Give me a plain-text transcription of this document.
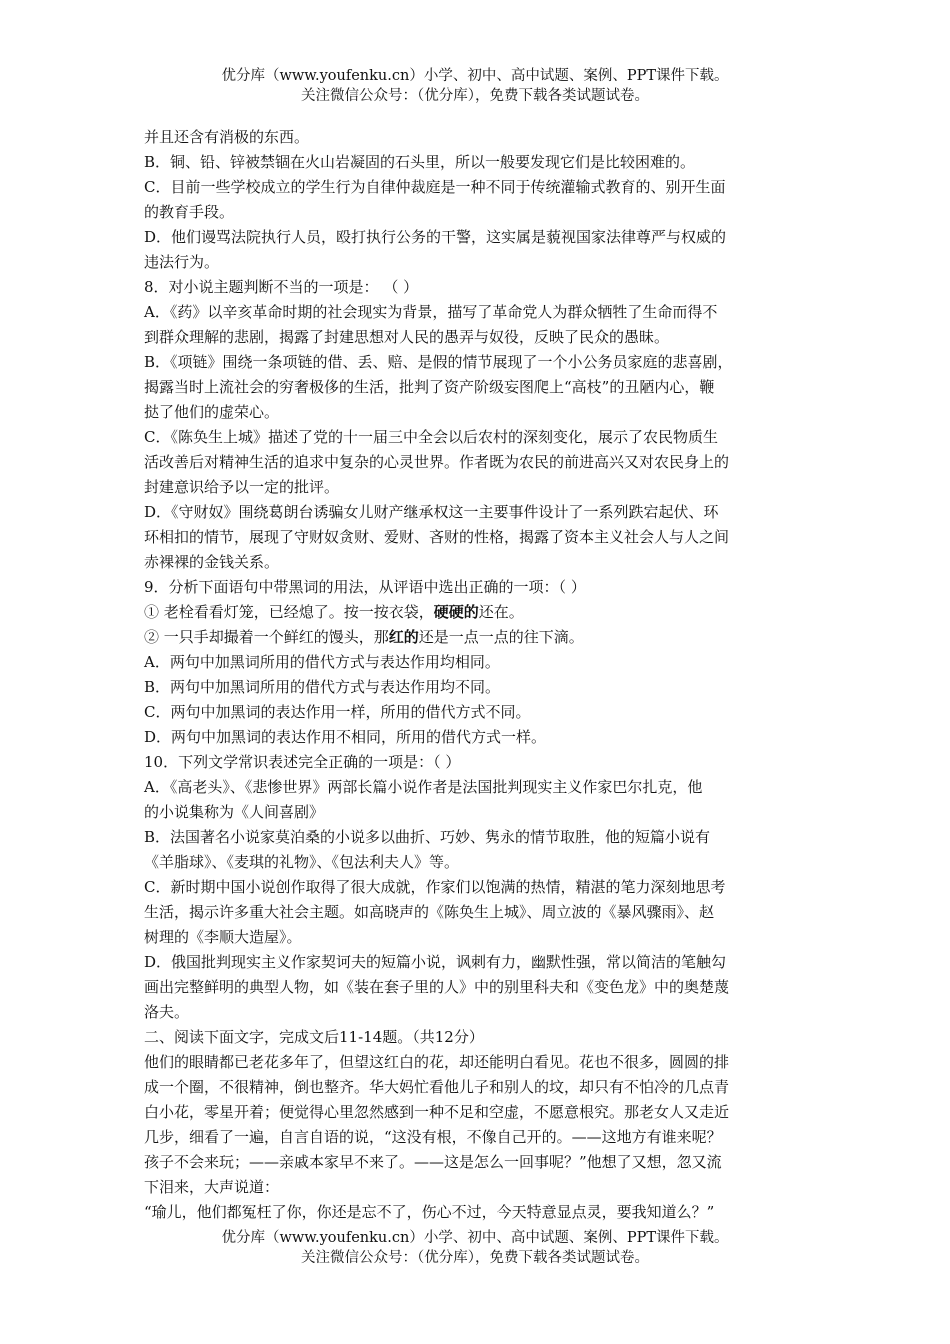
优分库（www.youfenku.cn）小学、初中、高中试题、案例、PPT课件下载。
关注微信公众号：（优分库），免费下载各类试题试卷。
并且还含有消极的东西。
B．铜、铅、锌被禁锢在火山岩凝固的石头里，所以一般要发现它们是比较困难的。
C．目前一些学校成立的学生行为自律仲裁庭是一种不同于传统灌输式教育的、别开生面
的教育手段。
D．他们谩骂法院执行人员，殴打执行公务的干警，这实属是藐视国家法律尊严与权威的
违法行为。
8．对小说主题判断不当的一项是： （ ）
A．《药》以辛亥革命时期的社会现实为背景，描写了革命党人为群众牺牲了生命而得不
到群众理解的悲剧，揭露了封建思想对人民的愚弄与奴役，反映了民众的愚昧。
B．《项链》围绕一条项链的借、丢、赔、是假的情节展现了一个小公务员家庭的悲喜剧，
揭露当时上流社会的穷奢极侈的生活，批判了资产阶级妄图爬上“高枝”的丑陋内心，鞭
挞了他们的虚荣心。
C．《陈奂生上城》描述了党的十一届三中全会以后农村的深刻变化，展示了农民物质生
活改善后对精神生活的追求中复杂的心灵世界。作者既为农民的前进高兴又对农民身上的
封建意识给予以一定的批评。
D．《守财奴》围绕葛朗台诱骗女儿财产继承权这一主要事件设计了一系列跌宕起伏、环
环相扣的情节，展现了守财奴贪财、爱财、吝财的性格，揭露了资本主义社会人与人之间
赤裸裸的金钱关系。
9．分析下面语句中带黑词的用法，从评语中选出正确的一项：（ ）
① 老栓看看灯笼，已经熄了。按一按衣袋，硬硬的还在。
② 一只手却撮着一个鲜红的馒头，那红的还是一点一点的往下滴。
A．两句中加黑词所用的借代方式与表达作用均相同。
B．两句中加黑词所用的借代方式与表达作用均不同。
C．两句中加黑词的表达作用一样，所用的借代方式不同。
D．两句中加黑词的表达作用不相同，所用的借代方式一样。
10．下列文学常识表述完全正确的一项是：（ ）
A．《高老头》、《悲惨世界》两部长篇小说作者是法国批判现实主义作家巴尔扎克，他
的小说集称为《人间喜剧》
B．法国著名小说家莫泊桑的小说多以曲折、巧妙、隽永的情节取胜，他的短篇小说有
《羊脂球》、《麦琪的礼物》、《包法利夫人》等。
C．新时期中国小说创作取得了很大成就，作家们以饱满的热情，精湛的笔力深刻地思考
生活，揭示许多重大社会主题。如高晓声的《陈奂生上城》、周立波的《暴风骤雨》、赵
树理的《李顺大造屋》。
D．俄国批判现实主义作家契诃夫的短篇小说，讽刺有力，幽默性强，常以简洁的笔触勾
画出完整鲜明的典型人物，如《装在套子里的人》中的别里科夫和《变色龙》中的奥楚蔑
洛夫。
二、阅读下面文字，完成文后11-14题。（共12分）
他们的眼睛都已老花多年了，但望这红白的花，却还能明白看见。花也不很多，圆圆的排
成一个圈，不很精神，倒也整齐。华大妈忙看他儿子和别人的坟，却只有不怕冷的几点青
白小花，零星开着；便觉得心里忽然感到一种不足和空虚，不愿意根究。那老女人又走近
几步，细看了一遍，自言自语的说，“这没有根，不像自己开的。——这地方有谁来呢？
孩子不会来玩；——亲戚本家早不来了。——这是怎么一回事呢？”他想了又想，忽又流
下泪来，大声说道：
“瑜儿，他们都冤枉了你，你还是忘不了，伤心不过，今天特意显点灵，要我知道么？”
优分库（www.youfenku.cn）小学、初中、高中试题、案例、PPT课件下载。
关注微信公众号：（优分库），免费下载各类试题试卷。
